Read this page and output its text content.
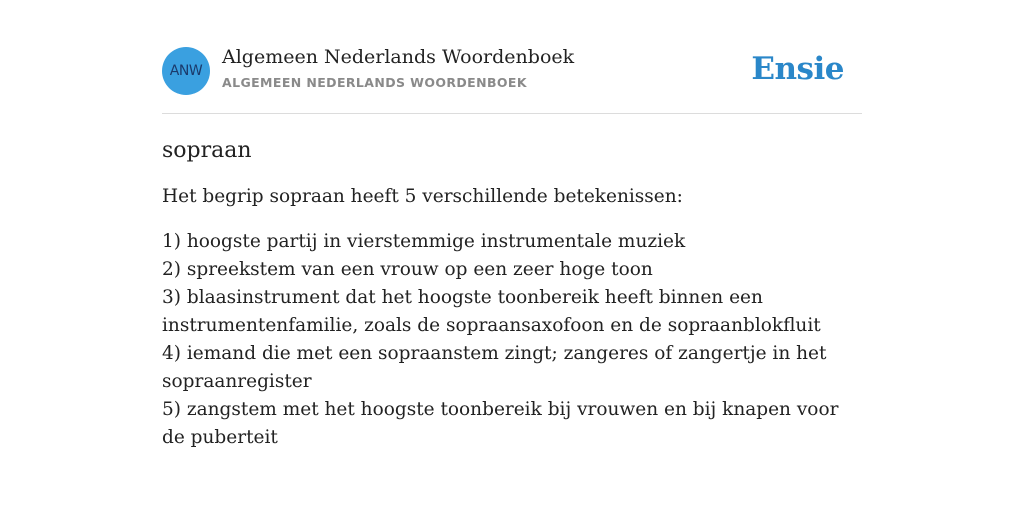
ANW
Algemeen Nederlands Woordenboek
ALGEMEEN NEDERLANDS WOORDENBOEK	Ensie
sopraan

Het begrip sopraan heeft 5 verschillende betekenissen:

1) hoogste partij in vierstemmige instrumentale muziek
2) spreekstem van een vrouw op een zeer hoge toon
3) blaasinstrument dat het hoogste toonbereik heeft binnen een instrumentenfamilie, zoals de sopraansaxofoon en de sopraanblokfluit
4) iemand die met een sopraanstem zingt; zangeres of zangertje in het sopraanregister
5) zangstem met het hoogste toonbereik bij vrouwen en bij knapen voor de puberteit
